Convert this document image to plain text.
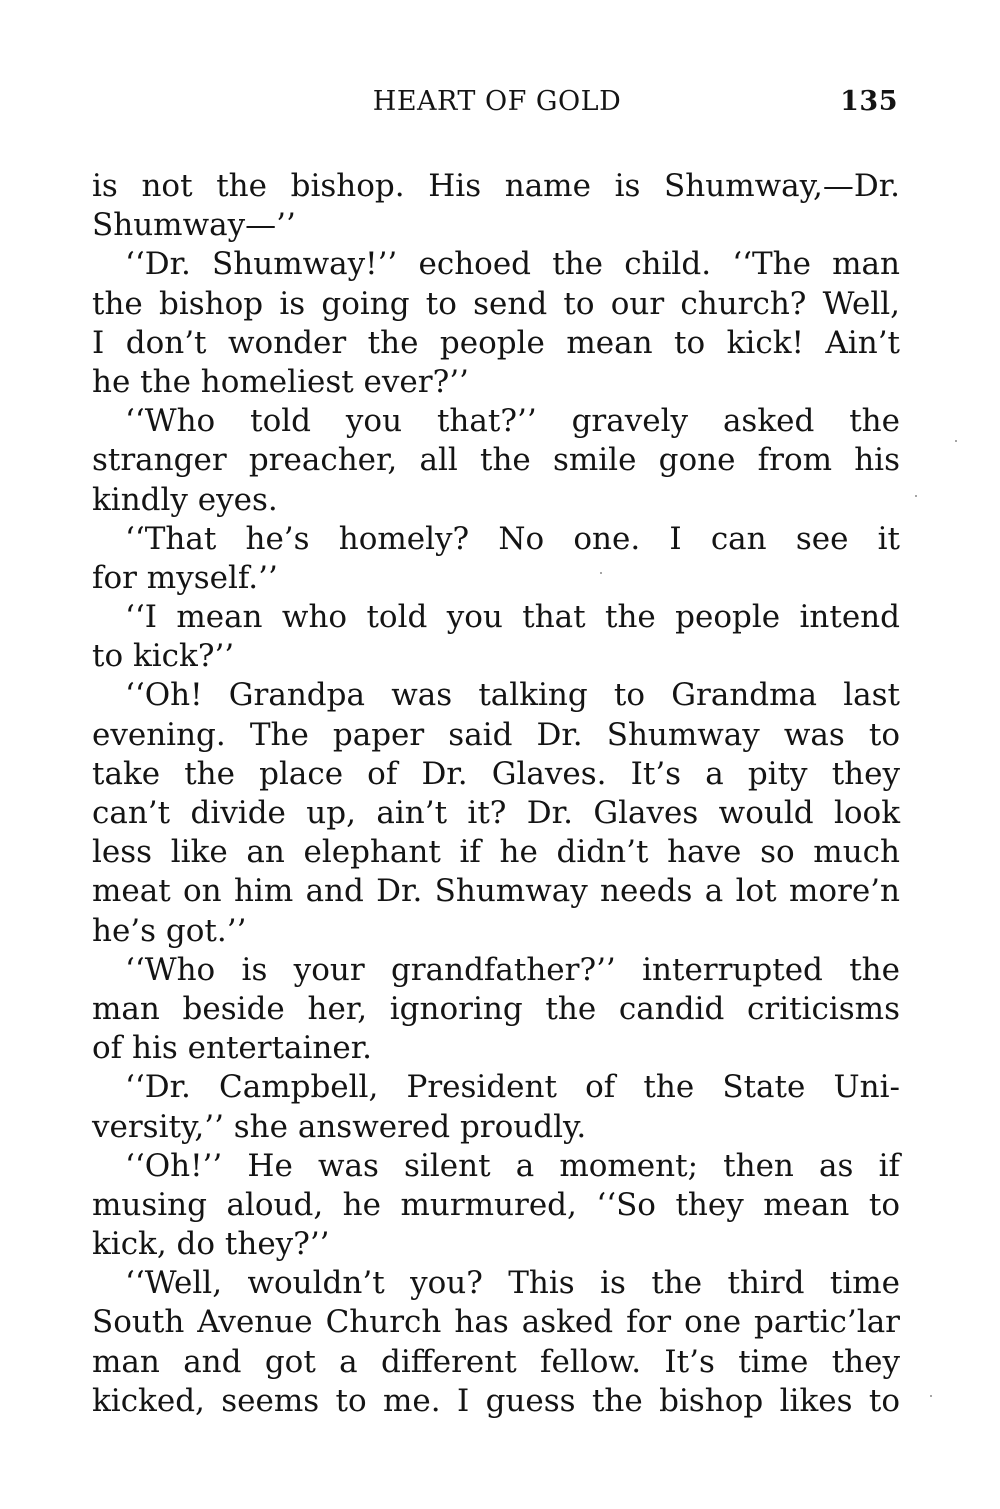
HEART OF GOLD	135
is not the bishop. His name is Shumway,—Dr.
Shumway—’’
‘‘Dr. Shumway!’’ echoed the child. ‘‘The man
the bishop is going to send to our church? Well,
I don’t wonder the people mean to kick! Ain’t
he the homeliest ever?’’
‘‘Who told you that?’’ gravely asked the
stranger preacher, all the smile gone from his
kindly eyes.
‘‘That he’s homely? No one. I can see it
for myself.’’
‘‘I mean who told you that the people intend
to kick?’’
‘‘Oh! Grandpa was talking to Grandma last
evening. The paper said Dr. Shumway was to
take the place of Dr. Glaves. It’s a pity they
can’t divide up, ain’t it? Dr. Glaves would look
less like an elephant if he didn’t have so much
meat on him and Dr. Shumway needs a lot more’n
he’s got.’’
‘‘Who is your grandfather?’’ interrupted the
man beside her, ignoring the candid criticisms
of his entertainer.
‘‘Dr. Campbell, President of the State Uni-
versity,’’ she answered proudly.
‘‘Oh!’’ He was silent a moment; then as if
musing aloud, he murmured, ‘‘So they mean to
kick, do they?’’
‘‘Well, wouldn’t you? This is the third time
South Avenue Church has asked for one partic’lar
man and got a different fellow. It’s time they
kicked, seems to me. I guess the bishop likes to
